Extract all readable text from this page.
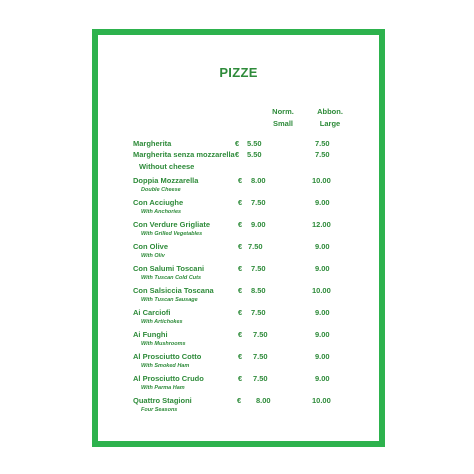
PIZZE
Norm.
Small
Abbon.
Large
Margherita	€ 5.50	7.50
Margherita senza mozzarella
Without cheese
€ 5.50	7.50
Doppia Mozzarella
Double Cheese
€ 8.00	10.00
Con Acciughe
With Anchories
€ 7.50	9.00
Con Verdure Grigliate
With Grilled Vegetables
€ 9.00	12.00
Con Olive
With Oliv
€ 7.50	9.00
Con Salumi Toscani
With Tuscan Cold Cuts
€ 7.50	9.00
Con Salsiccia Toscana
With Tuscan Sausage
€ 8.50	10.00
Ai Carciofi
With Artichokes
€ 7.50	9.00
Ai Funghi
With Mushrooms
€ 7.50	9.00
Al Prosciutto Cotto
With Smoked Ham
€ 7.50	9.00
Al Prosciutto Crudo
With Parma Ham
€ 7.50	9.00
Quattro Stagioni
Four Seasons
€ 8.00	10.00
